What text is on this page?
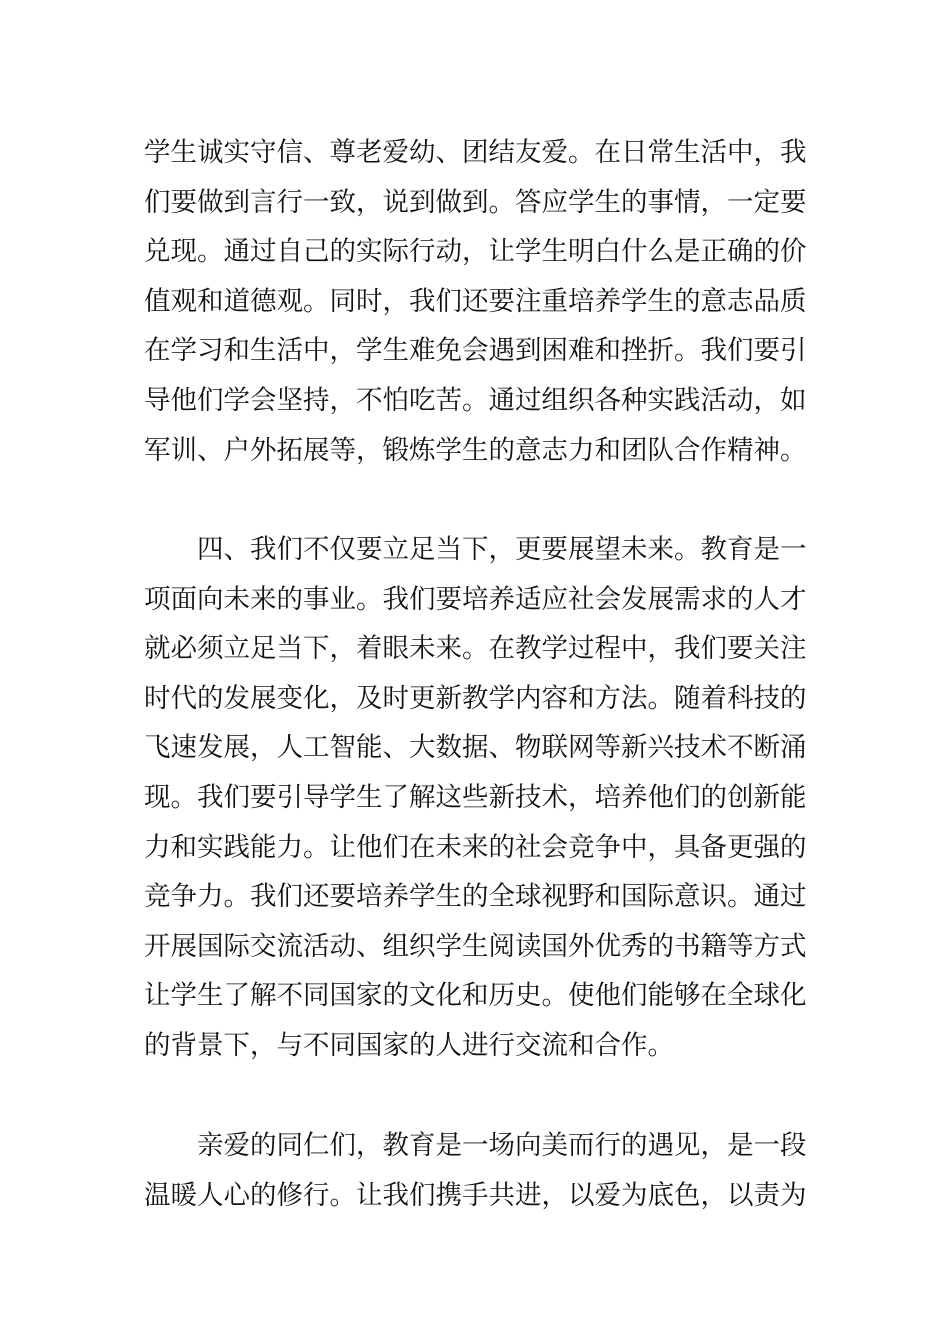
学生诚实守信、尊老爱幼、团结友爱。在日常生活中，我
们要做到言行一致，说到做到。答应学生的事情，一定要
兑现。通过自己的实际行动，让学生明白什么是正确的价
值观和道德观。同时，我们还要注重培养学生的意志品质
在学习和生活中，学生难免会遇到困难和挫折。我们要引
导他们学会坚持，不怕吃苦。通过组织各种实践活动，如
军训、户外拓展等，锻炼学生的意志力和团队合作精神。
　　四、我们不仅要立足当下，更要展望未来。教育是一
项面向未来的事业。我们要培养适应社会发展需求的人才
就必须立足当下，着眼未来。在教学过程中，我们要关注
时代的发展变化，及时更新教学内容和方法。随着科技的
飞速发展，人工智能、大数据、物联网等新兴技术不断涌
现。我们要引导学生了解这些新技术，培养他们的创新能
力和实践能力。让他们在未来的社会竞争中，具备更强的
竞争力。我们还要培养学生的全球视野和国际意识。通过
开展国际交流活动、组织学生阅读国外优秀的书籍等方式
让学生了解不同国家的文化和历史。使他们能够在全球化
的背景下，与不同国家的人进行交流和合作。
　　亲爱的同仁们，教育是一场向美而行的遇见，是一段
温暖人心的修行。让我们携手共进，以爱为底色，以责为
